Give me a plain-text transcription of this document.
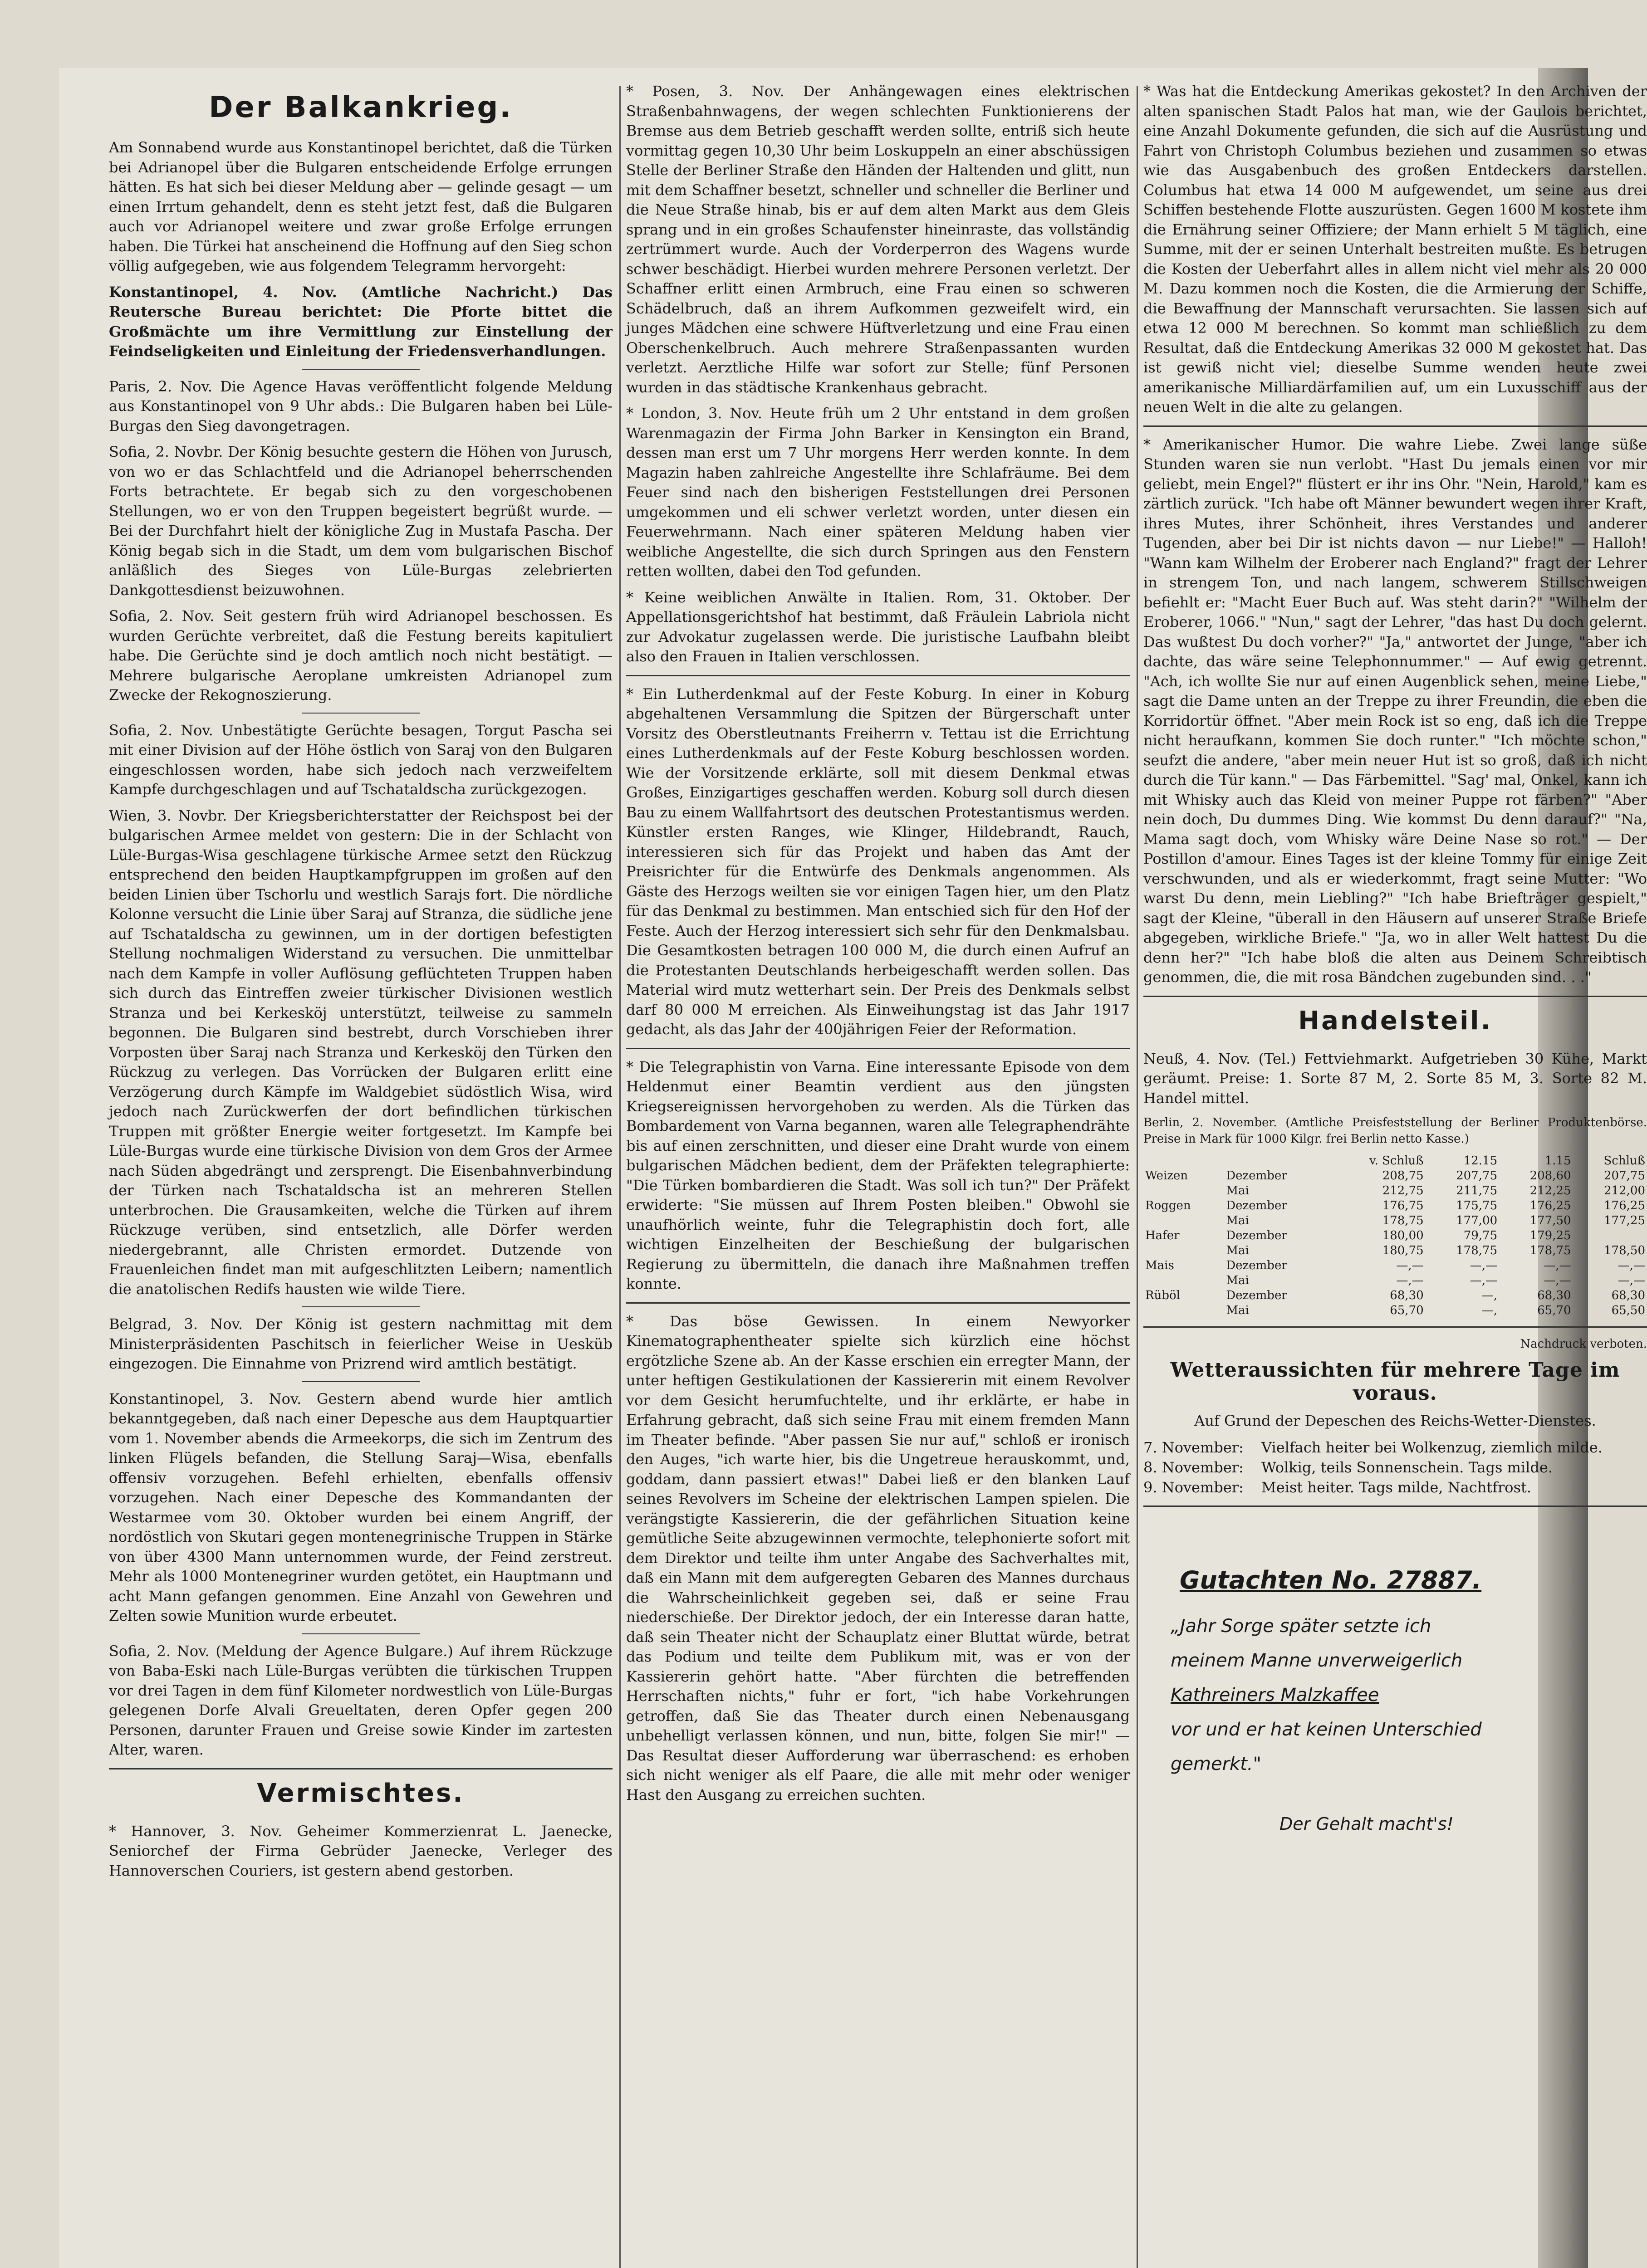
Der Balkankrieg.

Am Sonnabend wurde aus Konstantinopel berichtet, daß die Türken bei Adrianopel über die Bulgaren entscheidende Erfolge errungen hätten. Es hat sich bei dieser Meldung aber — gelinde gesagt — um einen Irrtum gehandelt, denn es steht jetzt fest, daß die Bulgaren auch vor Adrianopel weitere und zwar große Erfolge errungen haben. Die Türkei hat anscheinend die Hoffnung auf den Sieg schon völlig aufgegeben, wie aus folgendem Telegramm hervorgeht:

Konstantinopel, 4. Nov. (Amtliche Nachricht.) Das Reutersche Bureau berichtet: Die Pforte bittet die Großmächte um ihre Vermittlung zur Einstellung der Feindseligkeiten und Einleitung der Friedensverhandlungen.

Paris, 2. Nov. Die Agence Havas veröffentlicht folgende Meldung aus Konstantinopel von 9 Uhr abds.: Die Bulgaren haben bei Lüle-Burgas den Sieg davongetragen.

Sofia, 2. Novbr. Der König besuchte gestern die Höhen von Jurusch, von wo er das Schlachtfeld und die Adrianopel beherrschenden Forts betrachtete. Er begab sich zu den vorgeschobenen Stellungen, wo er von den Truppen begeistert begrüßt wurde. — Bei der Durchfahrt hielt der königliche Zug in Mustafa Pascha. Der König begab sich in die Stadt, um dem vom bulgarischen Bischof anläßlich des Sieges von Lüle-Burgas zelebrierten Dankgottesdienst beizuwohnen.

Sofia, 2. Nov. Seit gestern früh wird Adrianopel beschossen. Es wurden Gerüchte verbreitet, daß die Festung bereits kapituliert habe. Die Gerüchte sind je doch amtlich noch nicht bestätigt. — Mehrere bulgarische Aeroplane umkreisten Adrianopel zum Zwecke der Rekognoszierung.

Sofia, 2. Nov. Unbestätigte Gerüchte besagen, Torgut Pascha sei mit einer Division auf der Höhe östlich von Saraj von den Bulgaren eingeschlossen worden, habe sich jedoch nach verzweifeltem Kampfe durchgeschlagen und auf Tschataldscha zurückgezogen.

Wien, 3. Novbr. Der Kriegsberichterstatter der Reichspost bei der bulgarischen Armee meldet von gestern: Die in der Schlacht von Lüle-Burgas-Wisa geschlagene türkische Armee setzt den Rückzug entsprechend den beiden Hauptkampfgruppen im großen auf den beiden Linien über Tschorlu und westlich Sarajs fort. Die nördliche Kolonne versucht die Linie über Saraj auf Stranza, die südliche jene auf Tschataldscha zu gewinnen, um in der dortigen befestigten Stellung nochmaligen Widerstand zu versuchen. Die unmittelbar nach dem Kampfe in voller Auflösung geflüchteten Truppen haben sich durch das Eintreffen zweier türkischer Divisionen westlich Stranza und bei Kerkesköj unterstützt, teilweise zu sammeln begonnen. Die Bulgaren sind bestrebt, durch Vorschieben ihrer Vorposten über Saraj nach Stranza und Kerkesköj den Türken den Rückzug zu verlegen. Das Vorrücken der Bulgaren erlitt eine Verzögerung durch Kämpfe im Waldgebiet südöstlich Wisa, wird jedoch nach Zurückwerfen der dort befindlichen türkischen Truppen mit größter Energie weiter fortgesetzt. Im Kampfe bei Lüle-Burgas wurde eine türkische Division von dem Gros der Armee nach Süden abgedrängt und zersprengt. Die Eisenbahnverbindung der Türken nach Tschataldscha ist an mehreren Stellen unterbrochen. Die Grausamkeiten, welche die Türken auf ihrem Rückzuge verüben, sind entsetzlich, alle Dörfer werden niedergebrannt, alle Christen ermordet. Dutzende von Frauenleichen findet man mit aufgeschlitzten Leibern; namentlich die anatolischen Redifs hausten wie wilde Tiere.

Belgrad, 3. Nov. Der König ist gestern nachmittag mit dem Ministerpräsidenten Paschitsch in feierlicher Weise in Uesküb eingezogen. Die Einnahme von Prizrend wird amtlich bestätigt.

Konstantinopel, 3. Nov. Gestern abend wurde hier amtlich bekanntgegeben, daß nach einer Depesche aus dem Hauptquartier vom 1. November abends die Armeekorps, die sich im Zentrum des linken Flügels befanden, die Stellung Saraj—Wisa, ebenfalls offensiv vorzugehen. Befehl erhielten, ebenfalls offensiv vorzugehen. Nach einer Depesche des Kommandanten der Westarmee vom 30. Oktober wurden bei einem Angriff, der nordöstlich von Skutari gegen montenegrinische Truppen in Stärke von über 4300 Mann unternommen wurde, der Feind zerstreut. Mehr als 1000 Montenegriner wurden getötet, ein Hauptmann und acht Mann gefangen genommen. Eine Anzahl von Gewehren und Zelten sowie Munition wurde erbeutet.

Sofia, 2. Nov. (Meldung der Agence Bulgare.) Auf ihrem Rückzuge von Baba-Eski nach Lüle-Burgas verübten die türkischen Truppen vor drei Tagen in dem fünf Kilometer nordwestlich von Lüle-Burgas gelegenen Dorfe Alvali Greueltaten, deren Opfer gegen 200 Personen, darunter Frauen und Greise sowie Kinder im zartesten Alter, waren.

Vermischtes.

* Hannover, 3. Nov. Geheimer Kommerzienrat L. Jaenecke, Seniorchef der Firma Gebrüder Jaenecke, Verleger des Hannoverschen Couriers, ist gestern abend gestorben.

* Posen, 3. Nov. Der Anhängewagen eines elektrischen Straßenbahnwagens, der wegen schlechten Funktionierens der Bremse aus dem Betrieb geschafft werden sollte, entriß sich heute vormittag gegen 10,30 Uhr beim Loskuppeln an einer abschüssigen Stelle der Berliner Straße den Händen der Haltenden und glitt, nun mit dem Schaffner besetzt, schneller und schneller die Berliner und die Neue Straße hinab, bis er auf dem alten Markt aus dem Gleis sprang und in ein großes Schaufenster hineinraste, das vollständig zertrümmert wurde. Auch der Vorderperron des Wagens wurde schwer beschädigt. Hierbei wurden mehrere Personen verletzt. Der Schaffner erlitt einen Armbruch, eine Frau einen so schweren Schädelbruch, daß an ihrem Aufkommen gezweifelt wird, ein junges Mädchen eine schwere Hüftverletzung und eine Frau einen Oberschenkelbruch. Auch mehrere Straßenpassanten wurden verletzt. Aerztliche Hilfe war sofort zur Stelle; fünf Personen wurden in das städtische Krankenhaus gebracht.

* London, 3. Nov. Heute früh um 2 Uhr entstand in dem großen Warenmagazin der Firma John Barker in Kensington ein Brand, dessen man erst um 7 Uhr morgens Herr werden konnte. In dem Magazin haben zahlreiche Angestellte ihre Schlafräume. Bei dem Feuer sind nach den bisherigen Feststellungen drei Personen umgekommen und eli schwer verletzt worden, unter diesen ein Feuerwehrmann. Nach einer späteren Meldung haben vier weibliche Angestellte, die sich durch Springen aus den Fenstern retten wollten, dabei den Tod gefunden.

* Keine weiblichen Anwälte in Italien. Rom, 31. Oktober. Der Appellationsgerichtshof hat bestimmt, daß Fräulein Labriola nicht zur Advokatur zugelassen werde. Die juristische Laufbahn bleibt also den Frauen in Italien verschlossen.

* Ein Lutherdenkmal auf der Feste Koburg. In einer in Koburg abgehaltenen Versammlung die Spitzen der Bürgerschaft unter Vorsitz des Oberstleutnants Freiherrn v. Tettau ist die Errichtung eines Lutherdenkmals auf der Feste Koburg beschlossen worden. Wie der Vorsitzende erklärte, soll mit diesem Denkmal etwas Großes, Einzigartiges geschaffen werden. Koburg soll durch diesen Bau zu einem Wallfahrtsort des deutschen Protestantismus werden. Künstler ersten Ranges, wie Klinger, Hildebrandt, Rauch, interessieren sich für das Projekt und haben das Amt der Preisrichter für die Entwürfe des Denkmals angenommen. Als Gäste des Herzogs weilten sie vor einigen Tagen hier, um den Platz für das Denkmal zu bestimmen. Man entschied sich für den Hof der Feste. Auch der Herzog interessiert sich sehr für den Denkmalsbau. Die Gesamtkosten betragen 100 000 M, die durch einen Aufruf an die Protestanten Deutschlands herbeigeschafft werden sollen. Das Material wird mutz wetterhart sein. Der Preis des Denkmals selbst darf 80 000 M erreichen. Als Einweihungstag ist das Jahr 1917 gedacht, als das Jahr der 400jährigen Feier der Reformation.

* Die Telegraphistin von Varna. Eine interessante Episode von dem Heldenmut einer Beamtin verdient aus den jüngsten Kriegsereignissen hervorgehoben zu werden. Als die Türken das Bombardement von Varna begannen, waren alle Telegraphendrähte bis auf einen zerschnitten, und dieser eine Draht wurde von einem bulgarischen Mädchen bedient, dem der Präfekten telegraphierte: "Die Türken bombardieren die Stadt. Was soll ich tun?" Der Präfekt erwiderte: "Sie müssen auf Ihrem Posten bleiben." Obwohl sie unaufhörlich weinte, fuhr die Telegraphistin doch fort, alle wichtigen Einzelheiten der Beschießung der bulgarischen Regierung zu übermitteln, die danach ihre Maßnahmen treffen konnte.

* Das böse Gewissen. In einem Newyorker Kinematographentheater spielte sich kürzlich eine höchst ergötzliche Szene ab. An der Kasse erschien ein erregter Mann, der unter heftigen Gestikulationen der Kassiererin mit einem Revolver vor dem Gesicht herumfuchtelte, und ihr erklärte, er habe in Erfahrung gebracht, daß sich seine Frau mit einem fremden Mann im Theater befinde. "Aber passen Sie nur auf," schloß er ironisch den Auges, "ich warte hier, bis die Ungetreue herauskommt, und, goddam, dann passiert etwas!" Dabei ließ er den blanken Lauf seines Revolvers im Scheine der elektrischen Lampen spielen. Die verängstigte Kassiererin, die der gefährlichen Situation keine gemütliche Seite abzugewinnen vermochte, telephonierte sofort mit dem Direktor und teilte ihm unter Angabe des Sachverhaltes mit, daß ein Mann mit dem aufgeregten Gebaren des Mannes durchaus die Wahrscheinlichkeit gegeben sei, daß er seine Frau niederschieße. Der Direktor jedoch, der ein Interesse daran hatte, daß sein Theater nicht der Schauplatz einer Bluttat würde, betrat das Podium und teilte dem Publikum mit, was er von der Kassiererin gehört hatte. "Aber fürchten die betreffenden Herrschaften nichts," fuhr er fort, "ich habe Vorkehrungen getroffen, daß Sie das Theater durch einen Nebenausgang unbehelligt verlassen können, und nun, bitte, folgen Sie mir!" — Das Resultat dieser Aufforderung war überraschend: es erhoben sich nicht weniger als elf Paare, die alle mit mehr oder weniger Hast den Ausgang zu erreichen suchten.

* Was hat die Entdeckung Amerikas gekostet? In den Archiven der alten spanischen Stadt Palos hat man, wie der Gaulois berichtet, eine Anzahl Dokumente gefunden, die sich auf die Ausrüstung und Fahrt von Christoph Columbus beziehen und zusammen so etwas wie das Ausgabenbuch des großen Entdeckers darstellen. Columbus hat etwa 14 000 M aufgewendet, um seine aus drei Schiffen bestehende Flotte auszurüsten. Gegen 1600 M kostete ihm die Ernährung seiner Offiziere; der Mann erhielt 5 M täglich, eine Summe, mit der er seinen Unterhalt bestreiten mußte. Es betrugen die Kosten der Ueberfahrt alles in allem nicht viel mehr als 20 000 M. Dazu kommen noch die Kosten, die die Armierung der Schiffe, die Bewaffnung der Mannschaft verursachten. Sie lassen sich auf etwa 12 000 M berechnen. So kommt man schließlich zu dem Resultat, daß die Entdeckung Amerikas 32 000 M gekostet hat. Das ist gewiß nicht viel; dieselbe Summe wenden heute zwei amerikanische Milliardärfamilien auf, um ein Luxusschiff aus der neuen Welt in die alte zu gelangen.

* Amerikanischer Humor. Die wahre Liebe. Zwei lange süße Stunden waren sie nun verlobt. "Hast Du jemals einen vor mir geliebt, mein Engel?" flüstert er ihr ins Ohr. "Nein, Harold," kam es zärtlich zurück. "Ich habe oft Männer bewundert wegen ihrer Kraft, ihres Mutes, ihrer Schönheit, ihres Verstandes und anderer Tugenden, aber bei Dir ist nichts davon — nur Liebe!" — Halloh! "Wann kam Wilhelm der Eroberer nach England?" fragt der Lehrer in strengem Ton, und nach langem, schwerem Stillschweigen befiehlt er: "Macht Euer Buch auf. Was steht darin?" "Wilhelm der Eroberer, 1066." "Nun," sagt der Lehrer, "das hast Du doch gelernt. Das wußtest Du doch vorher?" "Ja," antwortet der Junge, "aber ich dachte, das wäre seine Telephonnummer." — Auf ewig getrennt. "Ach, ich wollte Sie nur auf einen Augenblick sehen, meine Liebe," sagt die Dame unten an der Treppe zu ihrer Freundin, die eben die Korridortür öffnet. "Aber mein Rock ist so eng, daß ich die Treppe nicht heraufkann, kommen Sie doch runter." "Ich möchte schon," seufzt die andere, "aber mein neuer Hut ist so groß, daß ich nicht durch die Tür kann." — Das Färbemittel. "Sag' mal, Onkel, kann ich mit Whisky auch das Kleid von meiner Puppe rot färben?" "Aber nein doch, Du dummes Ding. Wie kommst Du denn darauf?" "Na, Mama sagt doch, vom Whisky wäre Deine Nase so rot." — Der Postillon d'amour. Eines Tages ist der kleine Tommy für einige Zeit verschwunden, und als er wiederkommt, fragt seine Mutter: "Wo warst Du denn, mein Liebling?" "Ich habe Briefträger gespielt," sagt der Kleine, "überall in den Häusern auf unserer Straße Briefe abgegeben, wirkliche Briefe." "Ja, wo in aller Welt hattest Du die denn her?" "Ich habe bloß die alten aus Deinem Schreibtisch genommen, die, die mit rosa Bändchen zugebunden sind. . ."

Handelsteil.

Neuß, 4. Nov. (Tel.) Fettviehmarkt. Aufgetrieben 30 Kühe, Markt geräumt. Preise: 1. Sorte 87 M, 2. Sorte 85 M, 3. Sorte 82 M. Handel mittel.

Berlin, 2. November. (Amtliche Preisfeststellung der Berliner Produktenbörse. Preise in Mark für 1000 Kilgr. frei Berlin netto Kasse.)

		v. Schluß	12.15	1.15	Schluß
Weizen	Dezember	208,75	207,75	208,60	207,75
	Mai	212,75	211,75	212,25	212,00
Roggen	Dezember	176,75	175,75	176,25	176,25
	Mai	178,75	177,00	177,50	177,25
Hafer	Dezember	180,00	79,75	179,25	
	Mai	180,75	178,75	178,75	178,50
Mais	Dezember	—,—	—,—	—,—	—,—
	Mai	—,—	—,—	—,—	—,—
Rüböl	Dezember	68,30	—,	68,30	68,30
	Mai	65,70	—,	65,70	65,50

Nachdruck verboten.

Wetteraussichten für mehrere Tage im voraus.

Auf Grund der Depeschen des Reichs-Wetter-Dienstes.

7. November:	Vielfach heiter bei Wolkenzug, ziemlich milde.
8. November:	Wolkig, teils Sonnenschein. Tags milde.
9. November:	Meist heiter. Tags milde, Nachtfrost.
Gutachten No. 27887.
„Jahr Sorge später setzte ich
meinem Manne unverweigerlich
Kathreiners Malzkaffee
vor und er hat keinen Unterschied
gemerkt."
Der Gehalt macht's!
